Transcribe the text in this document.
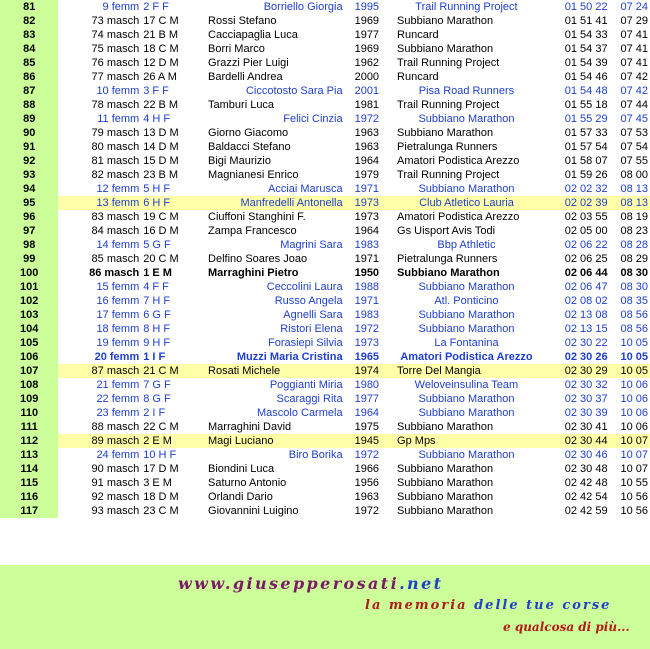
81	9 femm	2 F F	Borriello Giorgia	1995	Trail Running Project	01 50 22	07 24
82	73 masch	17 C M	Rossi Stefano	1969	Subbiano Marathon	01 51 41	07 29
83	74 masch	21 B M	Cacciapaglia Luca	1977	Runcard	01 54 33	07 41
84	75 masch	18 C M	Borri Marco	1969	Subbiano Marathon	01 54 37	07 41
85	76 masch	12 D M	Grazzi Pier Luigi	1962	Trail Running Project	01 54 39	07 41
86	77 masch	26 A M	Bardelli Andrea	2000	Runcard	01 54 46	07 42
87	10 femm	3 F F	Ciccotosto Sara Pia	2001	Pisa Road Runners	01 54 48	07 42
88	78 masch	22 B M	Tamburi Luca	1981	Trail Running Project	01 55 18	07 44
89	11 femm	4 H F	Felici Cinzia	1972	Subbiano Marathon	01 55 29	07 45
90	79 masch	13 D M	Giorno Giacomo	1963	Subbiano Marathon	01 57 33	07 53
91	80 masch	14 D M	Baldacci Stefano	1963	Pietralunga Runners	01 57 54	07 54
92	81 masch	15 D M	Bigi Maurizio	1964	Amatori Podistica Arezzo	01 58 07	07 55
93	82 masch	23 B M	Magnianesi Enrico	1979	Trail Running Project	01 59 26	08 00
94	12 femm	5 H F	Acciai Marusca	1971	Subbiano Marathon	02 02 32	08 13
95	13 femm	6 H F	Manfredelli Antonella	1973	Club Atletico Lauria	02 02 39	08 13
96	83 masch	19 C M	Ciuffoni Stanghini F.	1973	Amatori Podistica Arezzo	02 03 55	08 19
97	84 masch	16 D M	Zampa Francesco	1964	Gs Uisport Avis Todi	02 05 00	08 23
98	14 femm	5 G F	Magrini Sara	1983	Bbp Athletic	02 06 22	08 28
99	85 masch	20 C M	Delfino Soares Joao	1971	Pietralunga Runners	02 06 25	08 29
100	86 masch	1 E M	Marraghini Pietro	1950	Subbiano Marathon	02 06 44	08 30
101	15 femm	4 F F	Ceccolini Laura	1988	Subbiano Marathon	02 06 47	08 30
102	16 femm	7 H F	Russo Angela	1971	Atl. Ponticino	02 08 02	08 35
103	17 femm	6 G F	Agnelli Sara	1983	Subbiano Marathon	02 13 08	08 56
104	18 femm	8 H F	Ristori Elena	1972	Subbiano Marathon	02 13 15	08 56
105	19 femm	9 H F	Forasiepi Silvia	1973	La Fontanina	02 30 22	10 05
106	20 femm	1 I F	Muzzi Maria Cristina	1965	Amatori Podistica Arezzo	02 30 26	10 05
107	87 masch	21 C M	Rosati Michele	1974	Torre Del Mangia	02 30 29	10 05
108	21 femm	7 G F	Poggianti Miria	1980	Weloveinsulina Team	02 30 32	10 06
109	22 femm	8 G F	Scaraggi Rita	1977	Subbiano Marathon	02 30 37	10 06
110	23 femm	2 I F	Mascolo Carmela	1964	Subbiano Marathon	02 30 39	10 06
111	88 masch	22 C M	Marraghini David	1975	Subbiano Marathon	02 30 41	10 06
112	89 masch	2 E M	Magi Luciano	1945	Gp Mps	02 30 44	10 07
113	24 femm	10 H F	Biro Borika	1972	Subbiano Marathon	02 30 46	10 07
114	90 masch	17 D M	Biondini Luca	1966	Subbiano Marathon	02 30 48	10 07
115	91 masch	3 E M	Saturno Antonio	1956	Subbiano Marathon	02 42 48	10 55
116	92 masch	18 D M	Orlandi Dario	1963	Subbiano Marathon	02 42 54	10 56
117	93 masch	23 C M	Giovannini Luigino	1972	Subbiano Marathon	02 42 59	10 56
www.giusepperosati.net
la memoria delle tue corse
e qualcosa di più...
